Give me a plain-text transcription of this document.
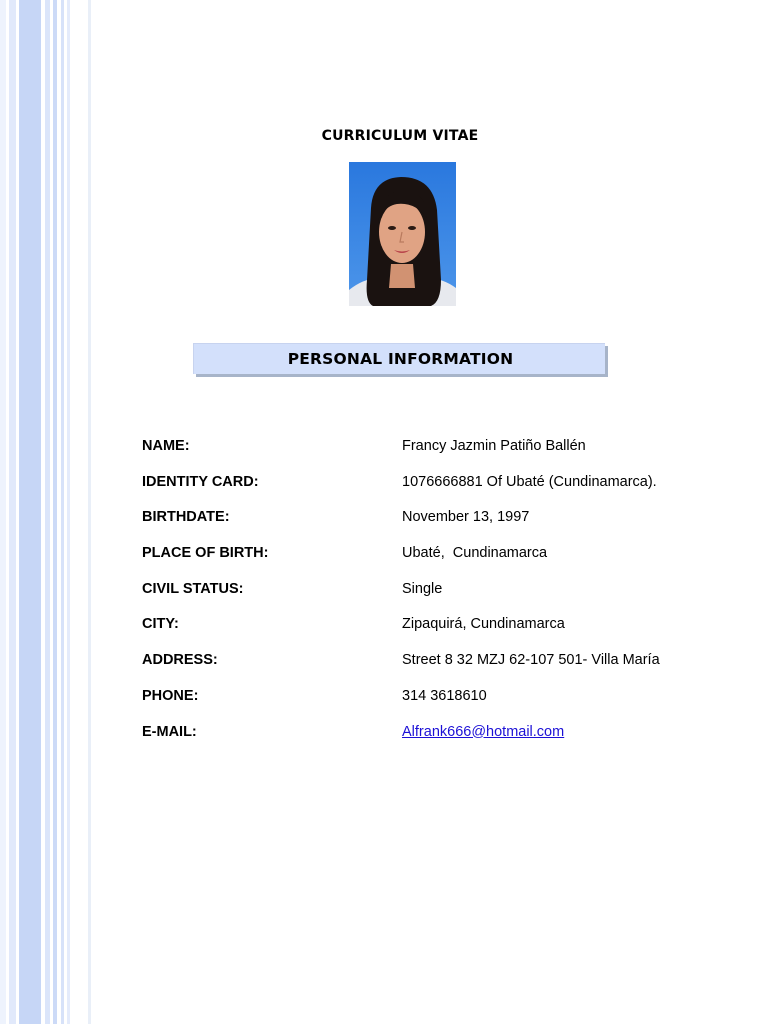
CURRICULUM VITAE
PERSONAL INFORMATION
NAME:	Francy Jazmin Patiño Ballén
IDENTITY CARD:	1076666881 Of Ubaté (Cundinamarca).
BIRTHDATE:	November 13, 1997
PLACE OF BIRTH:	Ubaté,  Cundinamarca
CIVIL STATUS:	Single
CITY:	Zipaquirá, Cundinamarca
ADDRESS:	Street 8 32 MZJ 62-107 501- Villa María
PHONE:	314 3618610
E-MAIL:	Alfrank666@hotmail.com
